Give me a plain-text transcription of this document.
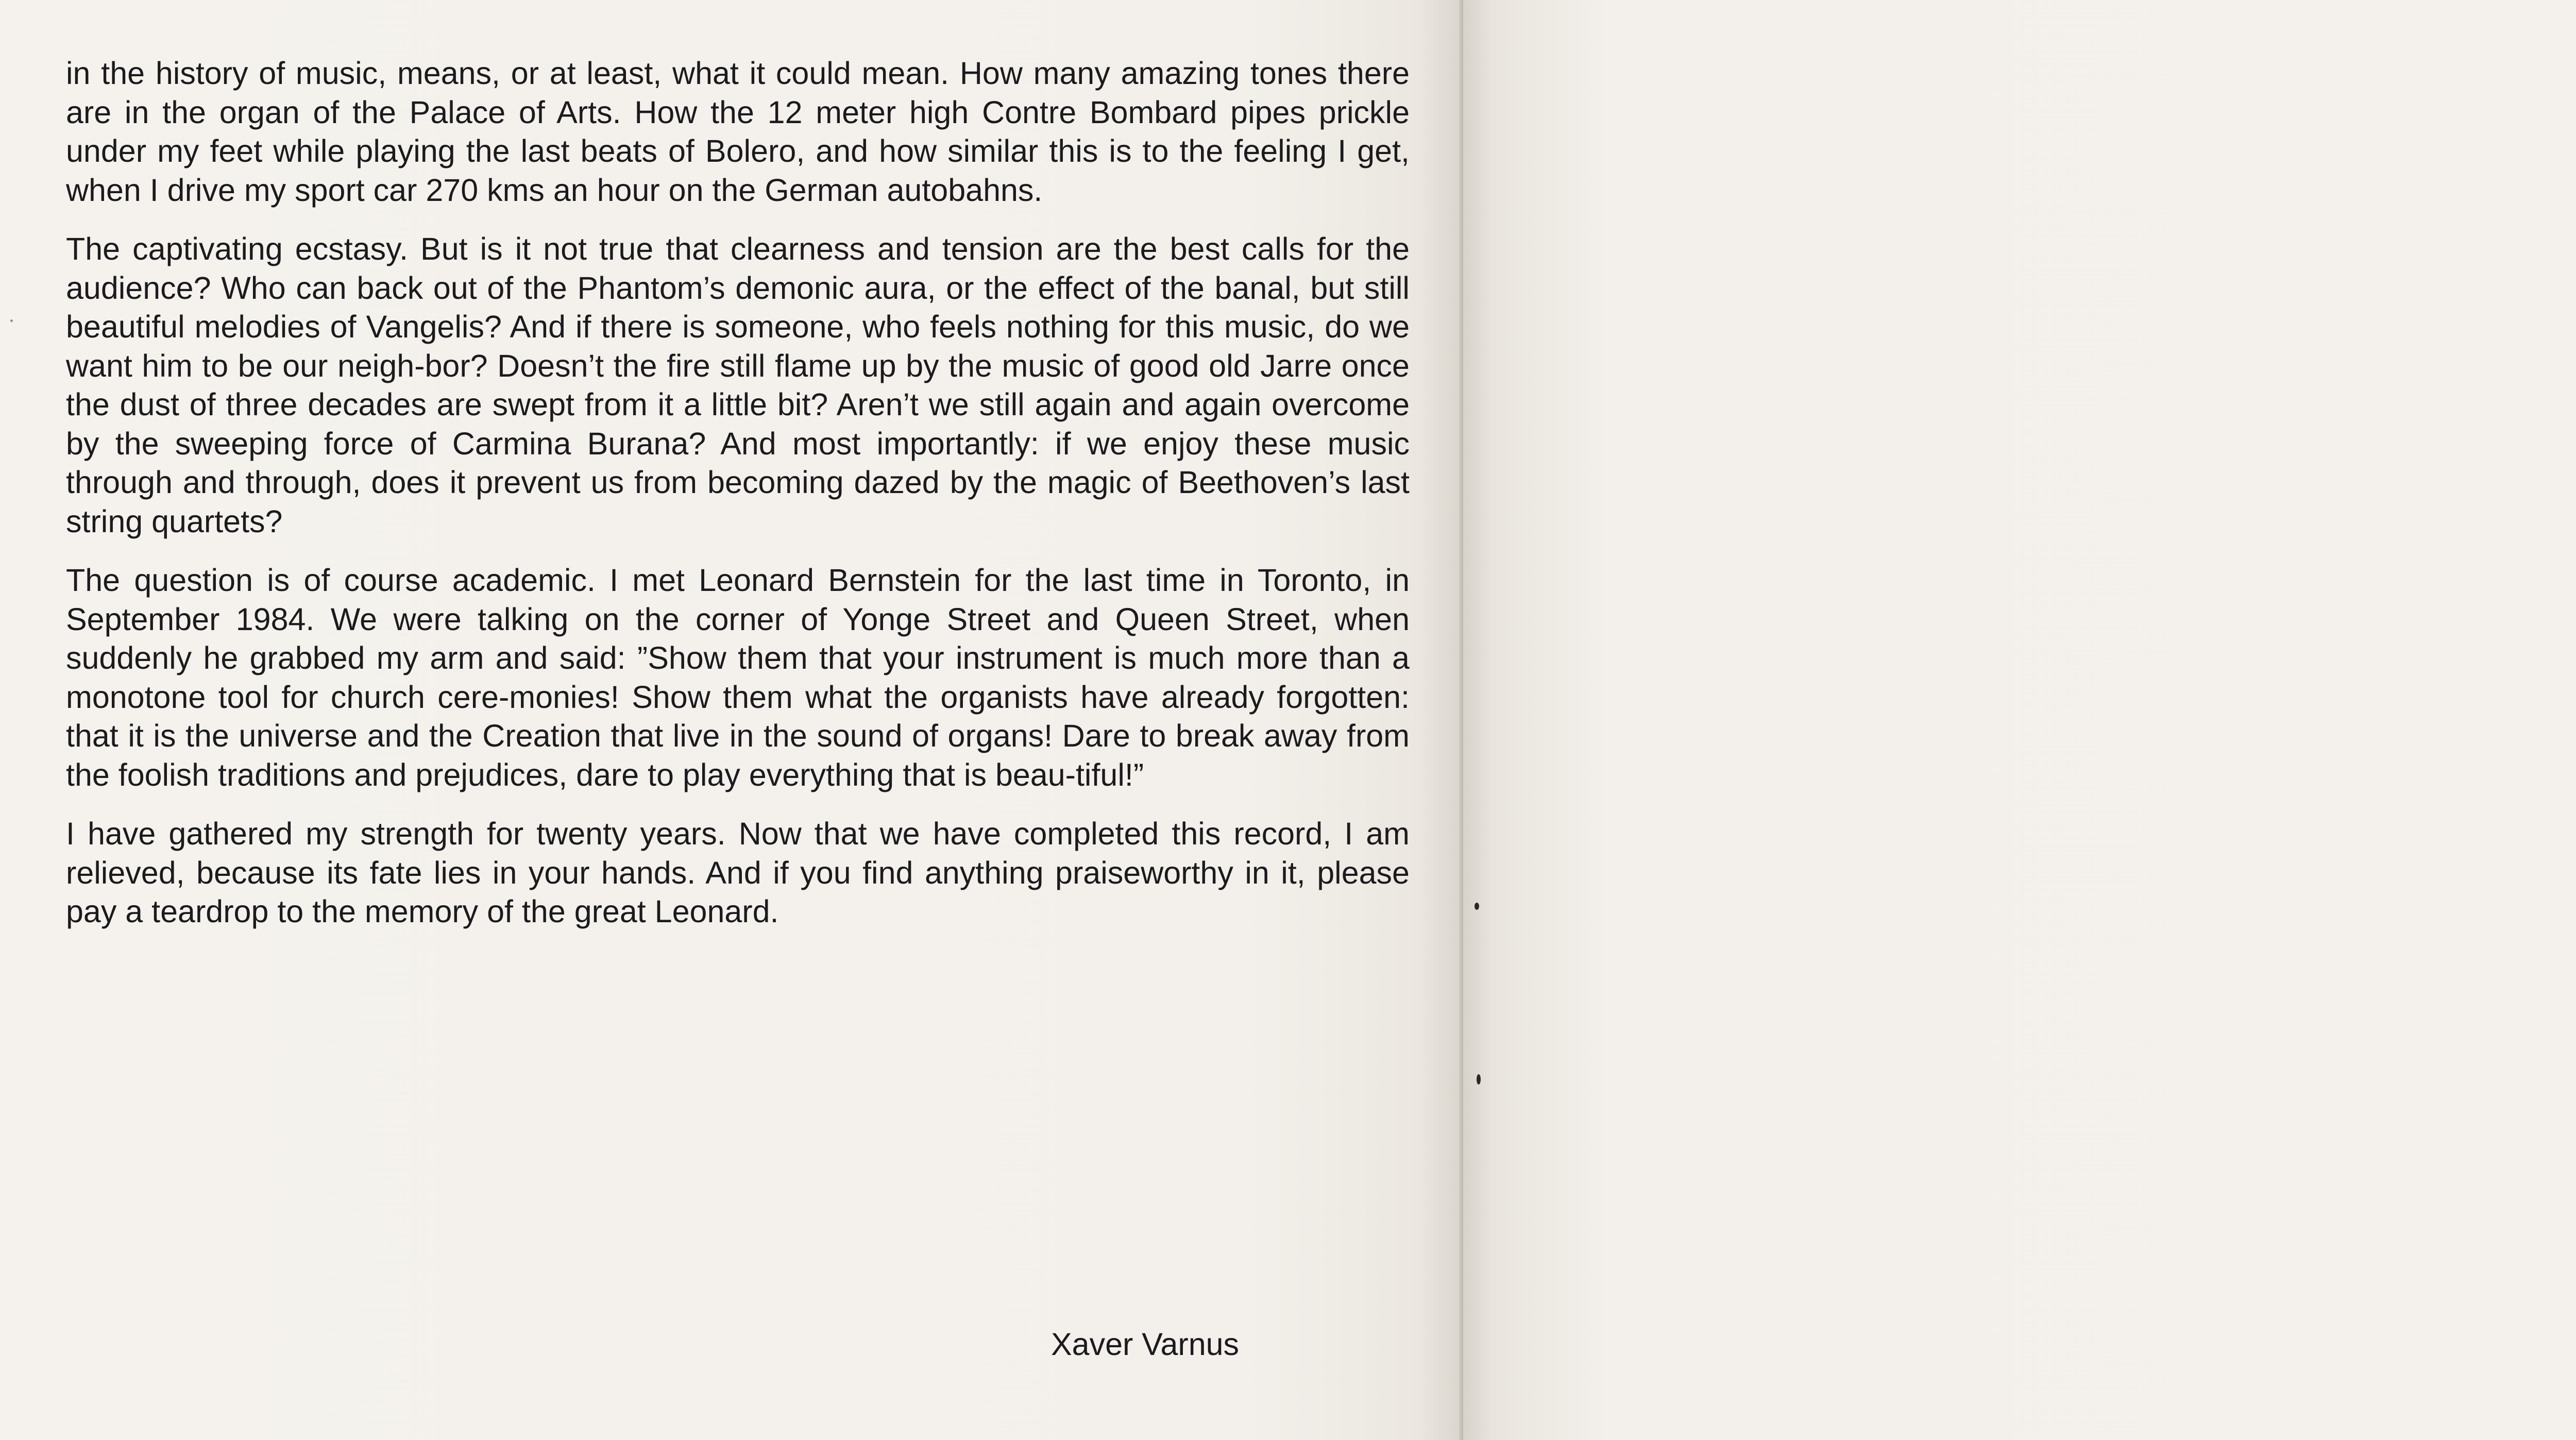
in the history of music, means, or at least, what it could mean. How many amazing tones there are in the organ of the Palace of Arts. How the 12 meter high Contre Bombard pipes prickle under my feet while playing the last beats of Bolero, and how similar this is to the feeling I get, when I drive my sport car 270 kms an hour on the German autobahns.

The captivating ecstasy. But is it not true that clearness and tension are the best calls for the audience? Who can back out of the Phantom’s demonic aura, or the effect of the banal, but still beautiful melodies of Vangelis? And if there is someone, who feels nothing for this music, do we want him to be our neigh-bor? Doesn’t the fire still flame up by the music of good old Jarre once the dust of three decades are swept from it a little bit? Aren’t we still again and again overcome by the sweeping force of Carmina Burana? And most importantly: if we enjoy these music through and through, does it prevent us from becoming dazed by the magic of Beethoven’s last string quartets?

The question is of course academic. I met Leonard Bernstein for the last time in Toronto, in September 1984. We were talking on the corner of Yonge Street and Queen Street, when suddenly he grabbed my arm and said: ”Show them that your instrument is much more than a monotone tool for church cere-monies! Show them what the organists have already forgotten: that it is the universe and the Creation that live in the sound of organs! Dare to break away from the foolish traditions and prejudices, dare to play everything that is beau-tiful!”

I have gathered my strength for twenty years. Now that we have completed this record, I am relieved, because its fate lies in your hands. And if you find anything praiseworthy in it, please pay a teardrop to the memory of the great Leonard.

Xaver Varnus
